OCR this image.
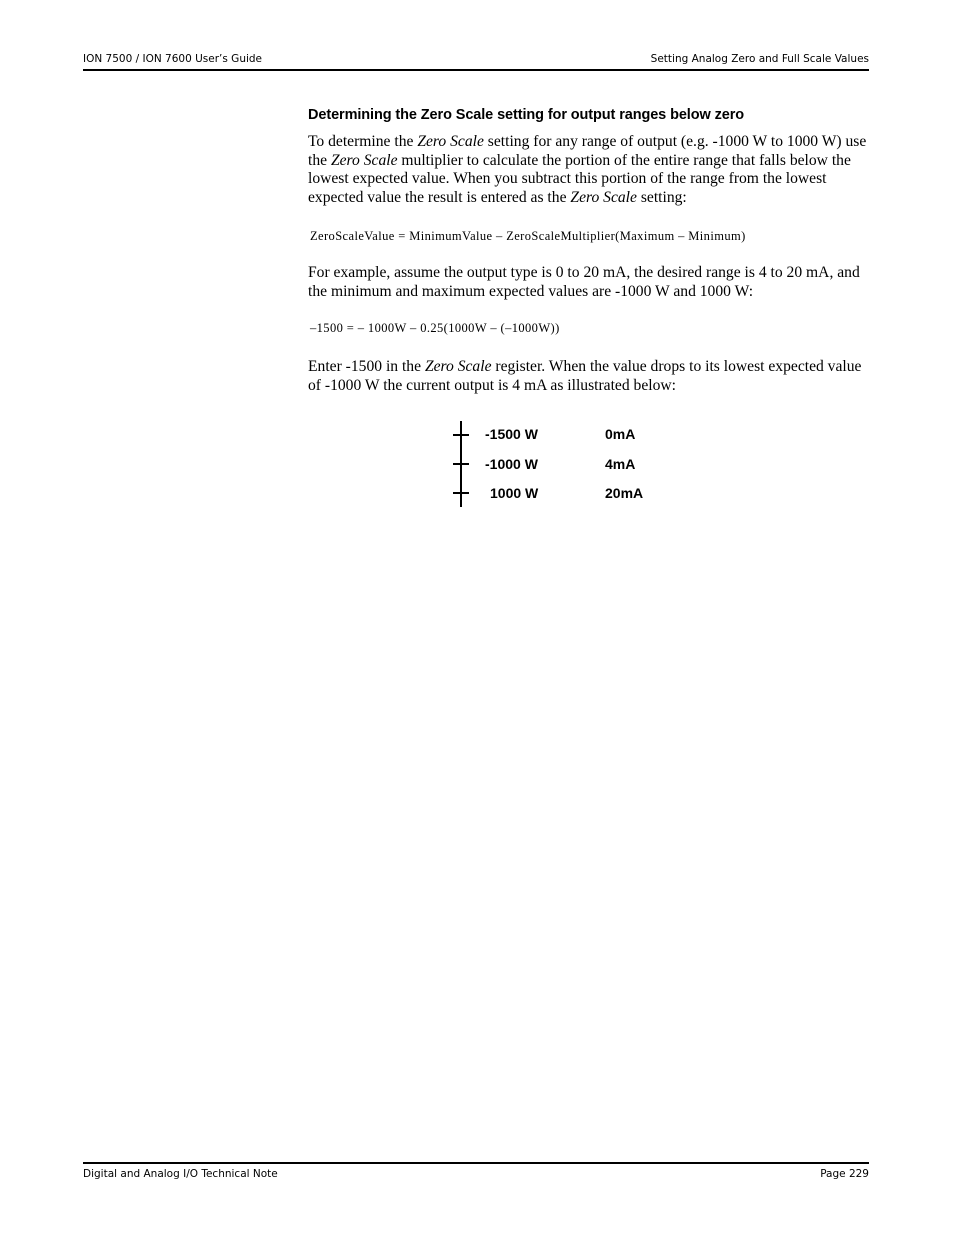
ION 7500 / ION 7600 User’s Guide	Setting Analog Zero and Full Scale Values
Determining the Zero Scale setting for output ranges below zero

To determine the Zero Scale setting for any range of output (e.g. -1000 W to 1000 W) use the Zero Scale multiplier to calculate the portion of the entire range that falls below the lowest expected value. When you subtract this portion of the range from the lowest expected value the result is entered as the Zero Scale setting:

ZeroScaleValue = MinimumValue – ZeroScaleMultiplier(Maximum – Minimum)

For example, assume the output type is 0 to 20 mA, the desired range is 4 to 20 mA, and the minimum and maximum expected values are -1000 W and 1000 W:

–1500 = – 1000W – 0.25(1000W – (–1000W))

Enter -1500 in the Zero Scale register. When the value drops to its lowest expected value of -1000 W the current output is 4 mA as illustrated below:

-1500 W	0mA
-1000 W	4mA
1000 W	20mA
Digital and Analog I/O Technical Note	Page 229
